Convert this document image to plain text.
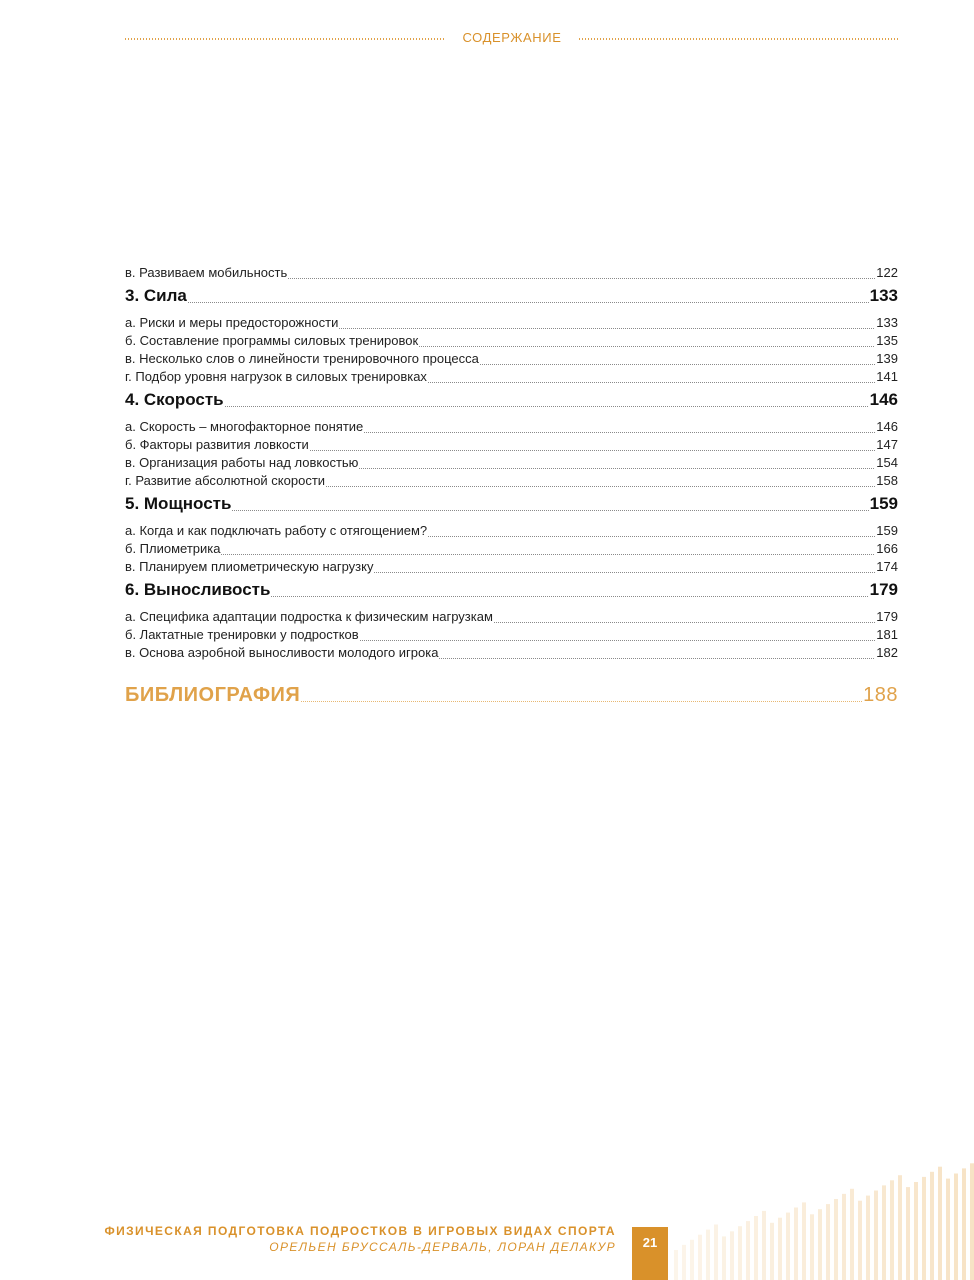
СОДЕРЖАНИЕ
в. Развиваем мобильность	122
3. Сила	133
а. Риски и меры предосторожности	133
б. Составление программы силовых тренировок	135
в. Несколько слов о линейности тренировочного процесса	139
г. Подбор уровня нагрузок в силовых тренировках	141
4. Скорость	146
а. Скорость – многофакторное понятие	146
б. Факторы развития ловкости	147
в. Организация работы над ловкостью	154
г. Развитие абсолютной скорости	158
5. Мощность	159
а. Когда и как подключать работу с отягощением?	159
б. Плиометрика	166
в. Планируем плиометрическую нагрузку	174
6. Выносливость	179
а. Специфика адаптации подростка к физическим нагрузкам	179
б. Лактатные тренировки у подростков	181
в. Основа аэробной выносливости молодого игрока	182
БИБЛИОГРАФИЯ	188
ФИЗИЧЕСКАЯ ПОДГОТОВКА ПОДРОСТКОВ В ИГРОВЫХ ВИДАХ СПОРТА
ОРЕЛЬЕН БРУССАЛЬ-ДЕРВАЛЬ, ЛОРАН ДЕЛАКУР	21
